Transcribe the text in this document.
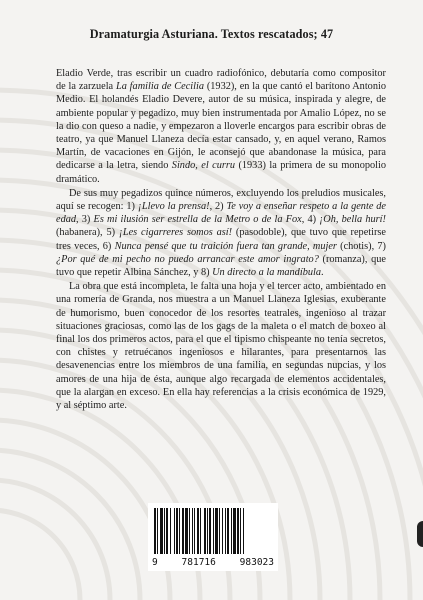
Dramaturgia Asturiana. Textos rescatados; 47

Eladio Verde, tras escribir un cuadro radiofónico, debutaría como compositor de la zarzuela La familia de Cecilia (1932), en la que cantó el barítono Antonio Medio. El holandés Eladio Devere, autor de su música, inspirada y alegre, de ambiente popular y pegadizo, muy bien instrumentada por Amalio López, no se la dio con queso a nadie, y empezaron a lloverle encargos para escribir obras de teatro, ya que Manuel Llaneza decía estar cansado, y, en aquel verano, Ramos Martín, de vacaciones en Gijón, le aconsejó que abandonase la música, para dedicarse a la letra, siendo Sindo, el curru (1933) la primera de su monopolio dramático.

De sus muy pegadizos quince números, excluyendo los preludios musicales, aquí se recogen: 1) ¡Llevo la prensa!, 2) Te voy a enseñar respeto a la gente de edad, 3) Es mi ilusión ser estrella de la Metro o de la Fox, 4) ¡Oh, bella hurí! (habanera), 5) ¡Les cigarreres somos así! (pasodoble), que tuvo que repetirse tres veces, 6) Nunca pensé que tu traición fuera tan grande, mujer (chotis), 7) ¿Por qué de mi pecho no puedo arrancar este amor ingrato? (romanza), que tuvo que repetir Albina Sánchez, y 8) Un directo a la mandíbula.

La obra que está incompleta, le falta una hoja y el tercer acto, ambientado en una romería de Granda, nos muestra a un Manuel Llaneza Iglesias, exuberante de humorismo, buen conocedor de los resortes teatrales, ingenioso al trazar situaciones graciosas, como las de los gags de la maleta o el match de boxeo al final los dos primeros actos, para el que el tipismo chispeante no tenía secretos, con chistes y retruécanos ingeniosos e hilarantes, para presentarnos las desavenencias entre los miembros de una familia, en segundas nupcias, y los amores de una hija de ésta, aunque algo recargada de elementos accidentales, que la alargan en exceso. En ella hay referencias a la crisis económica de 1929, y al séptimo arte.

9	781716	983023
